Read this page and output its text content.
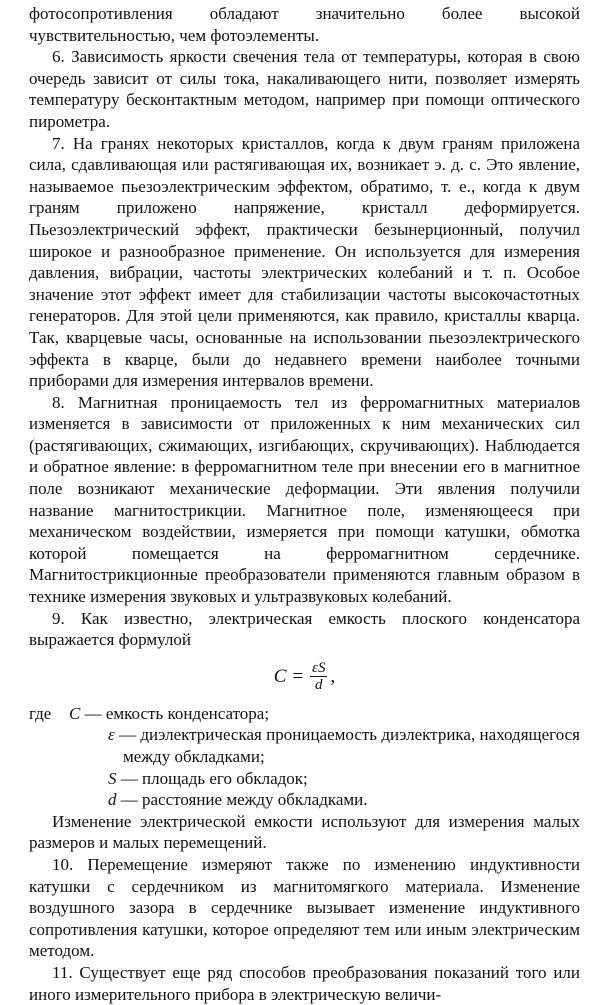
фотосопротивления обладают значительно более высокой чувствительностью, чем фотоэлементы.

6. Зависимость яркости свечения тела от температуры, которая в свою очередь зависит от силы тока, накаливающего нити, позволяет измерять температуру бесконтактным методом, например при помощи оптического пирометра.

7. На гранях некоторых кристаллов, когда к двум граням приложена сила, сдавливающая или растягивающая их, возникает э. д. с. Это явление, называемое пьезоэлектрическим эффектом, обратимо, т. е., когда к двум граням приложено напряжение, кристалл деформируется. Пьезоэлектрический эффект, практически безынерционный, получил широкое и разнообразное применение. Он используется для измерения давления, вибрации, частоты электрических колебаний и т. п. Особое значение этот эффект имеет для стабилизации частоты высокочастотных генераторов. Для этой цели применяются, как правило, кристаллы кварца. Так, кварцевые часы, основанные на использовании пьезоэлектрического эффекта в кварце, были до недавнего времени наиболее точными приборами для измерения интервалов времени.

8. Магнитная проницаемость тел из ферромагнитных материалов изменяется в зависимости от приложенных к ним механических сил (растягивающих, сжимающих, изгибающих, скручивающих). Наблюдается и обратное явление: в ферромагнитном теле при внесении его в магнитное поле возникают механические деформации. Эти явления получили название магнитострикции. Магнитное поле, изменяющееся при механическом воздействии, измеряется при помощи катушки, обмотка которой помещается на ферромагнитном сердечнике. Магнитострикционные преобразователи применяются главным образом в технике измерения звуковых и ультразвуковых колебаний.

9. Как известно, электрическая емкость плоского конденсатора выражается формулой

$C = \frac{\varepsilon S}{d}$ ,
где	C — емкость конденсатора;
ε — диэлектрическая проницаемость диэлектрика, находящегося между обкладками;
S — площадь его обкладок;
d — расстояние между обкладками.

Изменение электрической емкости используют для измерения малых размеров и малых перемещений.

10. Перемещение измеряют также по изменению индуктивности катушки с сердечником из магнитомягкого материала. Изменение воздушного зазора в сердечнике вызывает изменение индуктивного сопротивления катушки, которое определяют тем или иным электрическим методом.

11. Существует еще ряд способов преобразования показаний того или иного измерительного прибора в электрическую величи-
